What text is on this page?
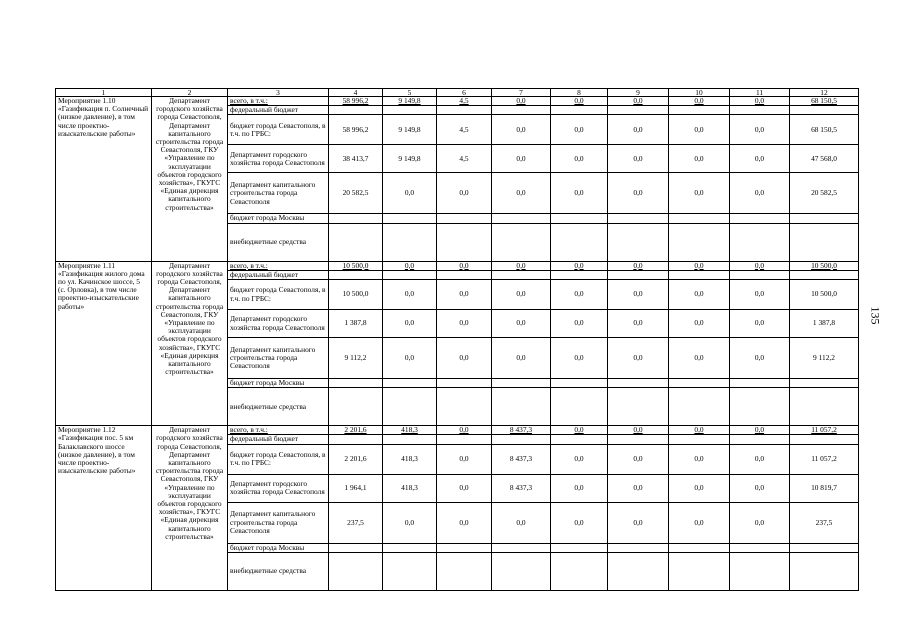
1	2	3	4	5	6	7	8	9	10	11	12
Мероприятие 1.10 «Газификация п. Солнечный (низкое давление), в том числе проектно-изыскательские работы»	Департамент городского хозяйства города Севастополя, Департамент капитального строительства города Севастополя, ГКУ «Управление по эксплуатации объектов городского хозяйства», ГКУГС «Единая дирекция капитального строительства»	всего, в т.ч.:	58 996,2	9 149,8	4,5	0,0	0,0	0,0	0,0	0,0	68 150,5
		федеральный бюджет									
		бюджет города Севастополя, в т.ч. по ГРБС:	58 996,2	9 149,8	4,5	0,0	0,0	0,0	0,0	0,0	68 150,5
		Департамент городского хозяйства города Севастополя	38 413,7	9 149,8	4,5	0,0	0,0	0,0	0,0	0,0	47 568,0
		Департамент капитального строительства города Севастополя	20 582,5	0,0	0,0	0,0	0,0	0,0	0,0	0,0	20 582,5
		бюджет города Москвы									
		внебюджетные средства									
Мероприятие 1.11 «Газификация жилого дома по ул. Качинское шоссе, 5 (с. Орловка), в том числе проектно-изыскательские работы»	Департамент городского хозяйства города Севастополя, Департамент капитального строительства города Севастополя, ГКУ «Управление по эксплуатации объектов городского хозяйства», ГКУГС «Единая дирекция капитального строительства»	всего, в т.ч.:	10 500,0	0,0	0,0	0,0	0,0	0,0	0,0	0,0	10 500,0
		федеральный бюджет									
		бюджет города Севастополя, в т.ч. по ГРБС:	10 500,0	0,0	0,0	0,0	0,0	0,0	0,0	0,0	10 500,0
		Департамент городского хозяйства города Севастополя	1 387,8	0,0	0,0	0,0	0,0	0,0	0,0	0,0	1 387,8
		Департамент капитального строительства города Севастополя	9 112,2	0,0	0,0	0,0	0,0	0,0	0,0	0,0	9 112,2
		бюджет города Москвы									
		внебюджетные средства									
Мероприятие 1.12 «Газификация пос. 5 км Балаклавского шоссе (низкое давление), в том числе проектно-изыскательские работы»	Департамент городского хозяйства города Севастополя, Департамент капитального строительства города Севастополя, ГКУ «Управление по эксплуатации объектов городского хозяйства», ГКУГС «Единая дирекция капитального строительства»	всего, в т.ч.:	2 201,6	418,3	0,0	8 437,3	0,0	0,0	0,0	0,0	11 057,2
		федеральный бюджет									
		бюджет города Севастополя, в т.ч. по ГРБС:	2 201,6	418,3	0,0	8 437,3	0,0	0,0	0,0	0,0	11 057,2
		Департамент городского хозяйства города Севастополя	1 964,1	418,3	0,0	8 437,3	0,0	0,0	0,0	0,0	10 819,7
		Департамент капитального строительства города Севастополя	237,5	0,0	0,0	0,0	0,0	0,0	0,0	0,0	237,5
		бюджет города Москвы									
		внебюджетные средства									
135
